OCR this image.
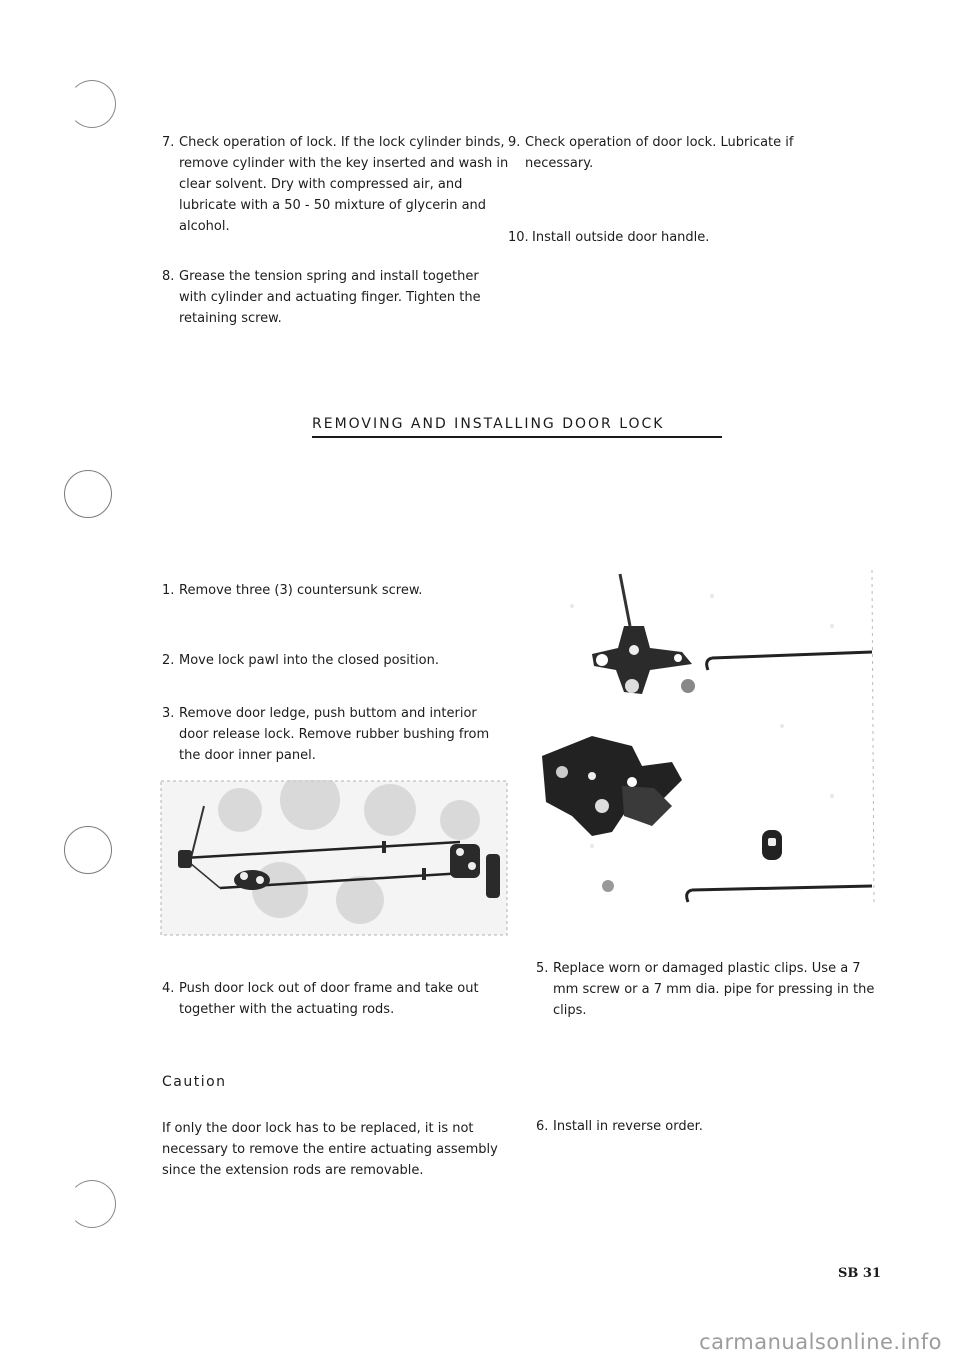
7. Check operation of lock. If the lock cylinder binds, remove cylinder with the key inserted and wash in clear solvent. Dry with compressed air, and lubricate with a 50 - 50 mixture of glycerin and alcohol.
8. Grease the tension spring and install together with cylinder and actuating finger. Tighten the retaining screw.
9. Check operation of door lock. Lubricate if necessary.
10. Install outside door handle.
REMOVING AND INSTALLING DOOR LOCK
1. Remove three (3) countersunk screw.
2. Move lock pawl into the closed position.
3. Remove door ledge, push buttom and interior door release lock. Remove rubber bushing from the door inner panel.
4. Push door lock out of door frame and take out together with the actuating rods.
5. Replace worn or damaged plastic clips. Use a 7 mm screw or a 7 mm dia. pipe for pressing in the clips.
Caution
If only the door lock has to be replaced, it is not necessary to remove the entire actuating assembly since the extension rods are removable.
6. Install in reverse order.
SB 31
carmanualsonline.info
